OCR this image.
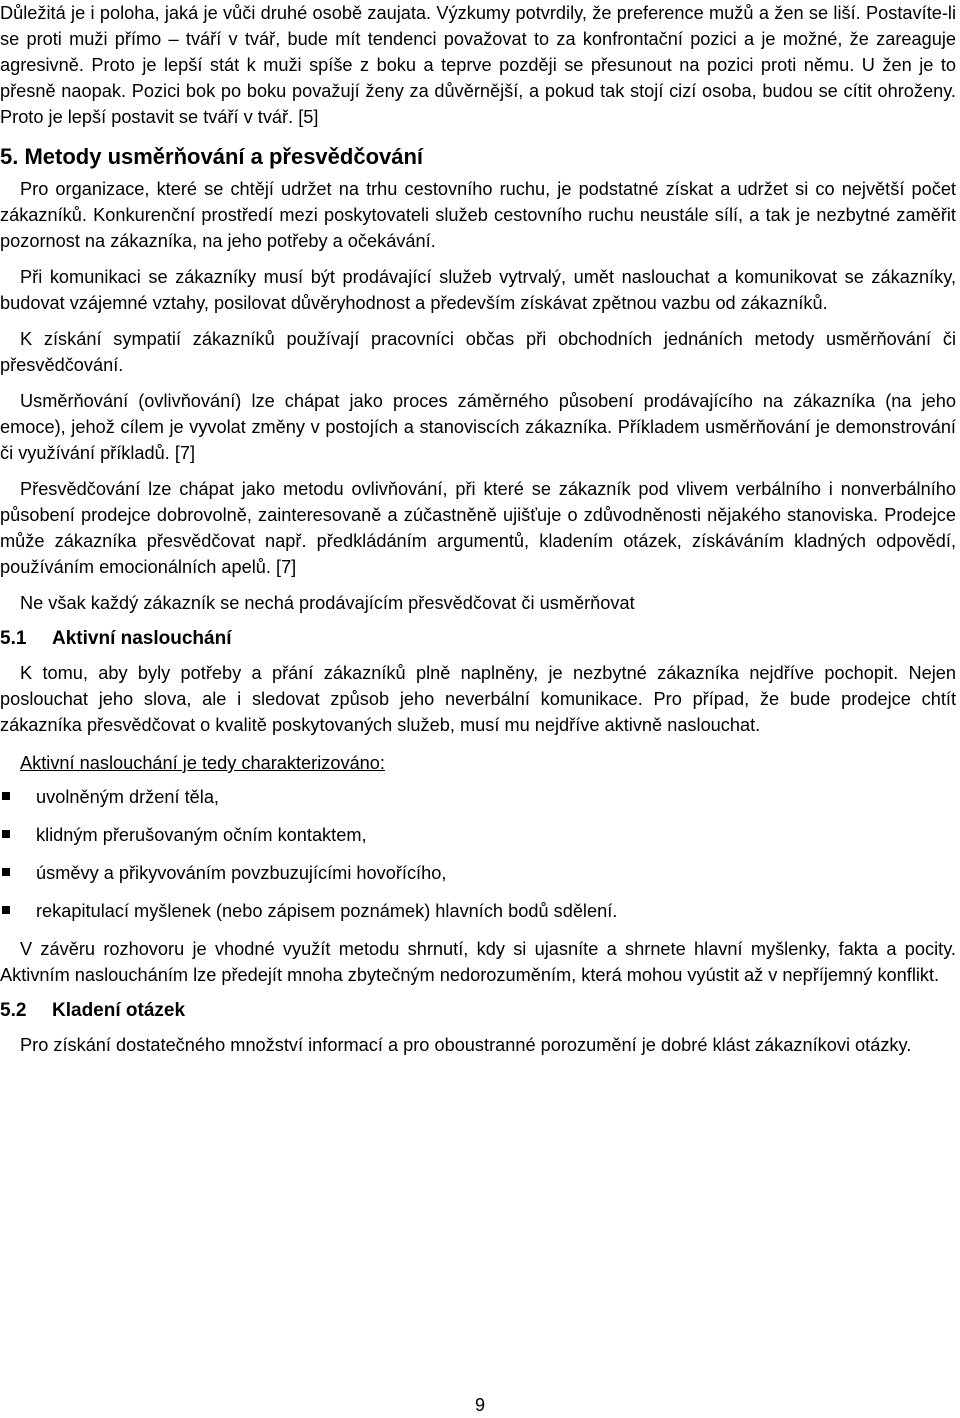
Důležitá je i poloha, jaká je vůči druhé osobě zaujata. Výzkumy potvrdily, že preference mužů a žen se liší. Postavíte-li se proti muži přímo – tváří v tvář, bude mít tendenci považovat to za konfrontační pozici a je možné, že zareaguje agresivně. Proto je lepší stát k muži spíše z boku a teprve později se přesunout na pozici proti němu. U žen je to přesně naopak. Pozici bok po boku považují ženy za důvěrnější, a pokud tak stojí cizí osoba, budou se cítit ohroženy. Proto je lepší postavit se tváří v tvář. [5]

5. Metody usměrňování a přesvědčování

Pro organizace, které se chtějí udržet na trhu cestovního ruchu, je podstatné získat a udržet si co největší počet zákazníků. Konkurenční prostředí mezi poskytovateli služeb cestovního ruchu neustále sílí, a tak je nezbytné zaměřit pozornost na zákazníka, na jeho potřeby a očekávání.

Při komunikaci se zákazníky musí být prodávající služeb vytrvalý, umět naslouchat a komunikovat se zákazníky, budovat vzájemné vztahy, posilovat důvěryhodnost a především získávat zpětnou vazbu od zákazníků.

K získání sympatií zákazníků používají pracovníci občas při obchodních jednáních metody usměrňování či přesvědčování.

Usměrňování (ovlivňování) lze chápat jako proces záměrného působení prodávajícího na zákazníka (na jeho emoce), jehož cílem je vyvolat změny v postojích a stanoviscích zákazníka. Příkladem usměrňování je demonstrování či využívání příkladů. [7]

Přesvědčování lze chápat jako metodu ovlivňování, při které se zákazník pod vlivem verbálního i nonverbálního působení prodejce dobrovolně, zainteresovaně a zúčastněně ujišťuje o zdůvodněnosti nějakého stanoviska. Prodejce může zákazníka přesvědčovat např. předkládáním argumentů, kladením otázek, získáváním kladných odpovědí, používáním emocionálních apelů. [7]

Ne však každý zákazník se nechá prodávajícím přesvědčovat či usměrňovat

5.1 Aktivní naslouchání

K tomu, aby byly potřeby a přání zákazníků plně naplněny, je nezbytné zákazníka nejdříve pochopit. Nejen poslouchat jeho slova, ale i sledovat způsob jeho neverbální komunikace. Pro případ, že bude prodejce chtít zákazníka přesvědčovat o kvalitě poskytovaných služeb, musí mu nejdříve aktivně naslouchat.

Aktivní naslouchání je tedy charakterizováno:

uvolněným držení těla,
klidným přerušovaným očním kontaktem,
úsměvy a přikyvováním povzbuzujícími hovořícího,
rekapitulací myšlenek (nebo zápisem poznámek) hlavních bodů sdělení.

V závěru rozhovoru je vhodné využít metodu shrnutí, kdy si ujasníte a shrnete hlavní myšlenky, fakta a pocity. Aktivním nasloucháním lze předejít mnoha zbytečným nedorozuměním, která mohou vyústit až v nepříjemný konflikt.

5.2 Kladení otázek

Pro získání dostatečného množství informací a pro oboustranné porozumění je dobré klást zákazníkovi otázky.

9
